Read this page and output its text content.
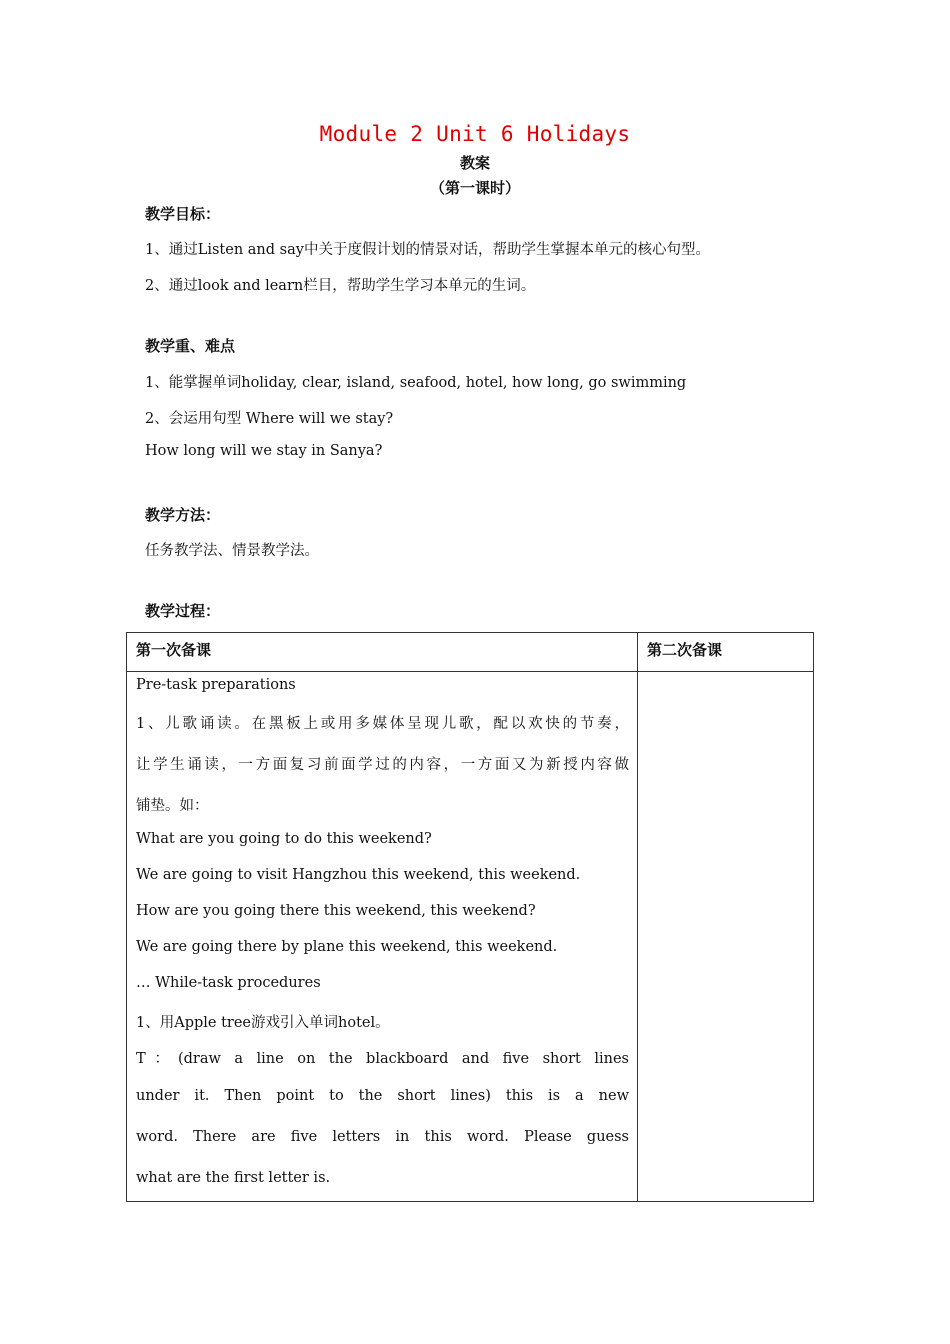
Module 2 Unit 6 Holidays
教案
（第一课时）
教学目标：
1、通过Listen and say中关于度假计划的情景对话，帮助学生掌握本单元的核心句型。
2、通过look and learn栏目，帮助学生学习本单元的生词。
教学重、难点
1、能掌握单词holiday, clear, island, seafood, hotel, how long, go swimming
2、会运用句型 Where will we stay?
How long will we stay in Sanya?
教学方法：
任务教学法、情景教学法。
教学过程：
第一次备课	第二次备课
Pre-task preparations
1、儿歌诵读。在黑板上或用多媒体呈现儿歌，配以欢快的节奏，
让学生诵读，一方面复习前面学过的内容，一方面又为新授内容做
铺垫。如：
What are you going to do this weekend?
We are going to visit Hangzhou this weekend, this weekend.
How are you going there this weekend, this weekend?
We are going there by plane this weekend, this weekend.
… While-task procedures
1、用Apple tree游戏引入单词hotel。
T：(draw a line on the blackboard and five short lines
under it. Then point to the short lines) this is a new
word. There are five letters in this word. Please guess
what are the first letter is.
